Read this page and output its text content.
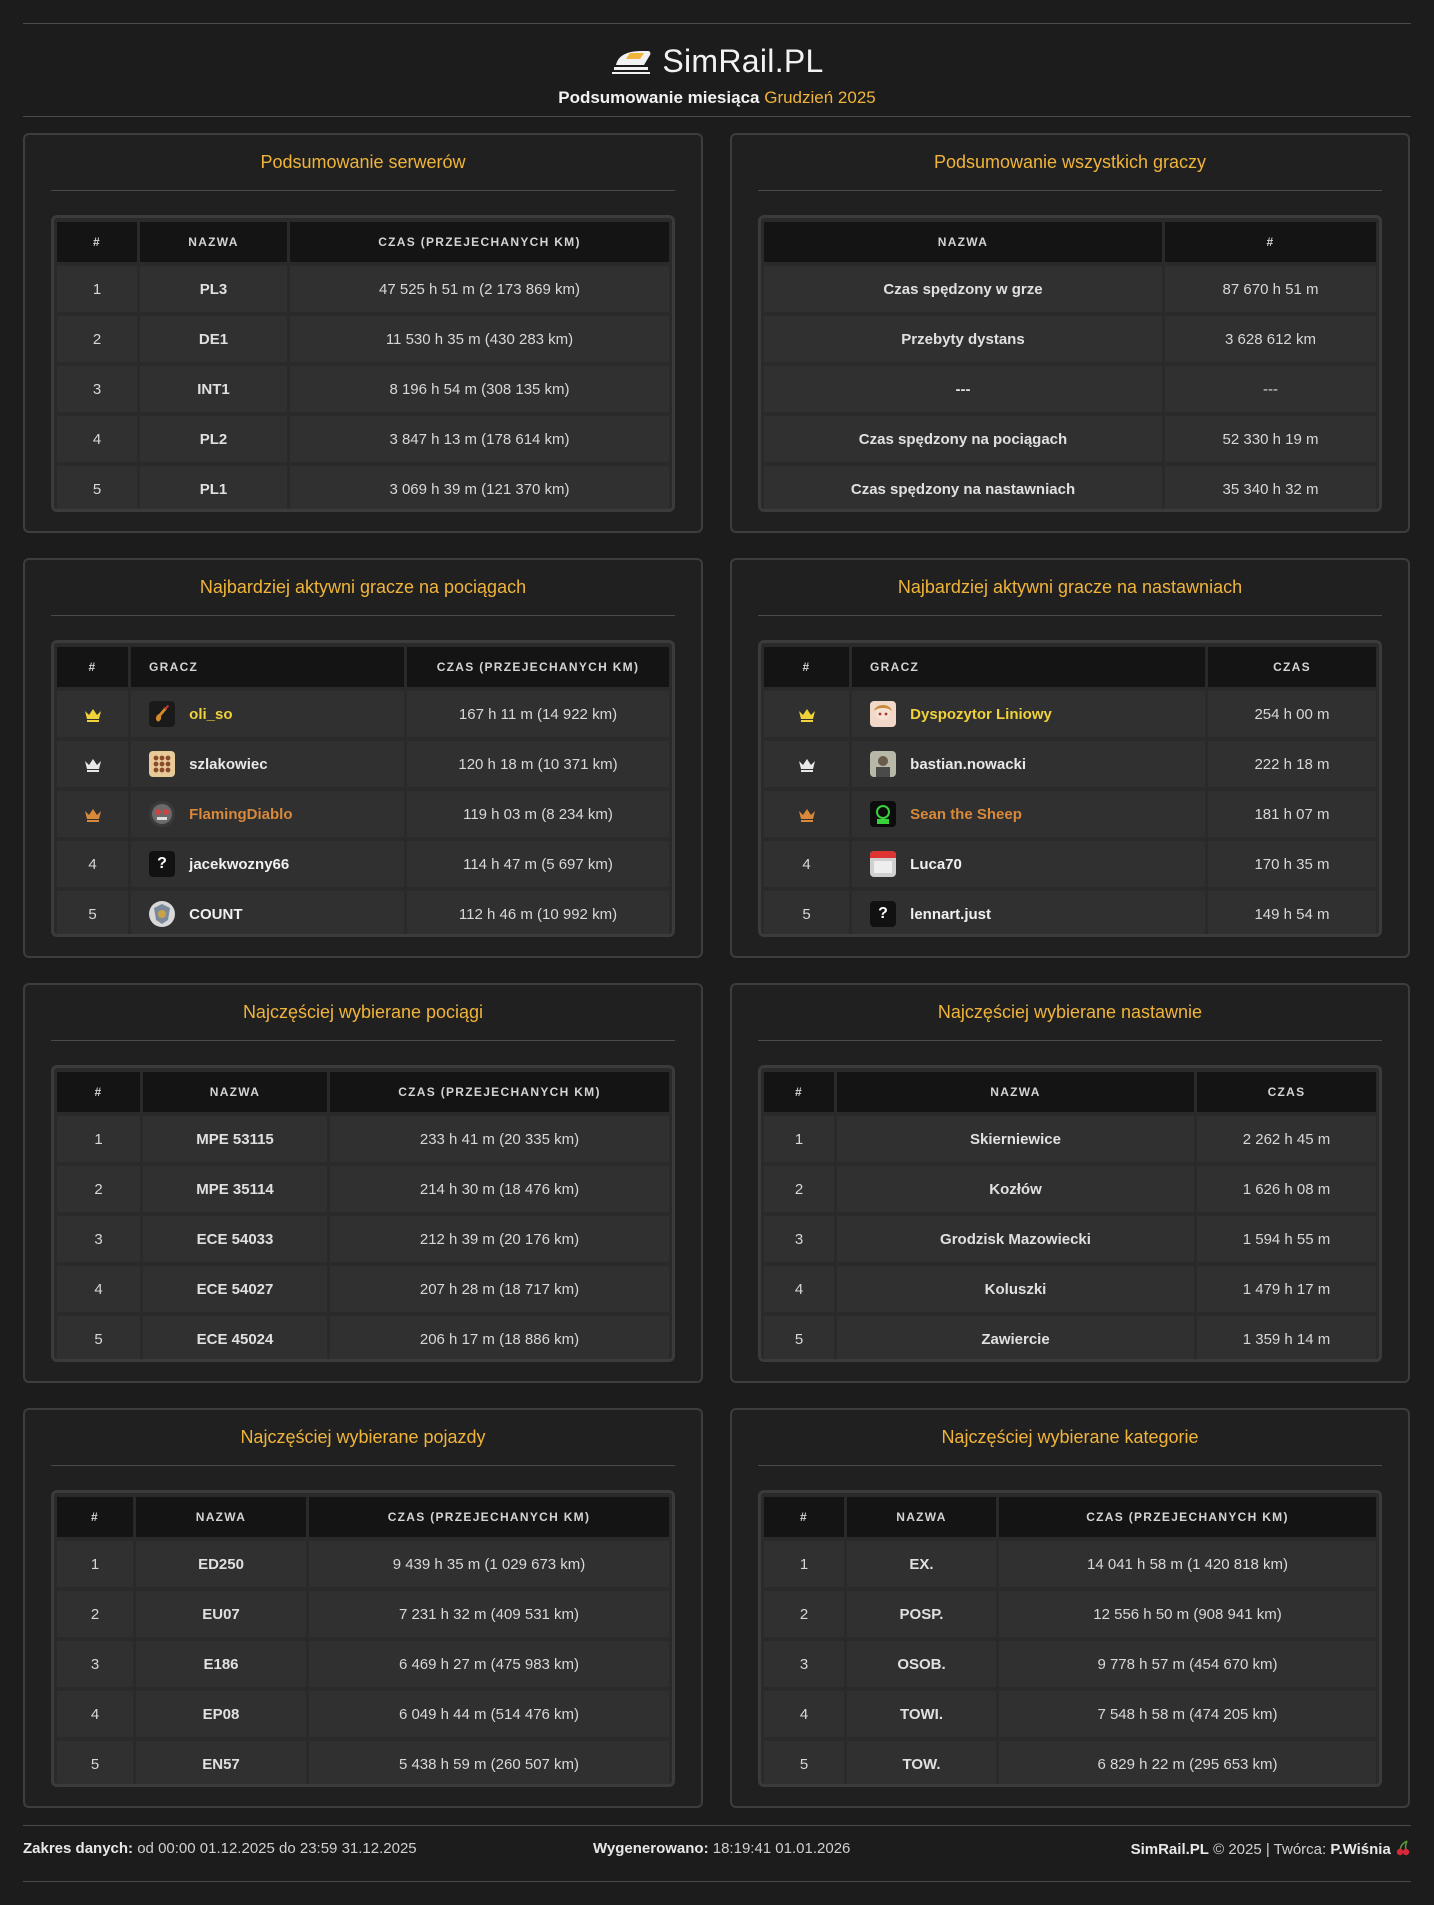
SimRail.PL
Podsumowanie miesiąca Grudzień 2025
Podsumowanie serwerów
#	NAZWA	CZAS (PRZEJECHANYCH KM)
1	PL3	47 525 h 51 m (2 173 869 km)
2	DE1	11 530 h 35 m (430 283 km)
3	INT1	8 196 h 54 m (308 135 km)
4	PL2	3 847 h 13 m (178 614 km)
5	PL1	3 069 h 39 m (121 370 km)
Podsumowanie wszystkich graczy
NAZWA	#
Czas spędzony w grze	87 670 h 51 m
Przebyty dystans	3 628 612 km
---	---
Czas spędzony na pociągach	52 330 h 19 m
Czas spędzony na nastawniach	35 340 h 32 m
Najbardziej aktywni gracze na pociągach
#	GRACZ	CZAS (PRZEJECHANYCH KM)
	oli_so	167 h 11 m (14 922 km)
	szlakowiec	120 h 18 m (10 371 km)
	FlamingDiablo	119 h 03 m (8 234 km)
4	? jacekwozny66	114 h 47 m (5 697 km)
5	COUNT	112 h 46 m (10 992 km)
Najbardziej aktywni gracze na nastawniach
#	GRACZ	CZAS
	Dyspozytor Liniowy	254 h 00 m
	bastian.nowacki	222 h 18 m
	Sean the Sheep	181 h 07 m
4	Luca70	170 h 35 m
5	? lennart.just	149 h 54 m
Najczęściej wybierane pociągi
#	NAZWA	CZAS (PRZEJECHANYCH KM)
1	MPE 53115	233 h 41 m (20 335 km)
2	MPE 35114	214 h 30 m (18 476 km)
3	ECE 54033	212 h 39 m (20 176 km)
4	ECE 54027	207 h 28 m (18 717 km)
5	ECE 45024	206 h 17 m (18 886 km)
Najczęściej wybierane nastawnie
#	NAZWA	CZAS
1	Skierniewice	2 262 h 45 m
2	Kozłów	1 626 h 08 m
3	Grodzisk Mazowiecki	1 594 h 55 m
4	Koluszki	1 479 h 17 m
5	Zawiercie	1 359 h 14 m
Najczęściej wybierane pojazdy
#	NAZWA	CZAS (PRZEJECHANYCH KM)
1	ED250	9 439 h 35 m (1 029 673 km)
2	EU07	7 231 h 32 m (409 531 km)
3	E186	6 469 h 27 m (475 983 km)
4	EP08	6 049 h 44 m (514 476 km)
5	EN57	5 438 h 59 m (260 507 km)
Najczęściej wybierane kategorie
#	NAZWA	CZAS (PRZEJECHANYCH KM)
1	EX.	14 041 h 58 m (1 420 818 km)
2	POSP.	12 556 h 50 m (908 941 km)
3	OSOB.	9 778 h 57 m (454 670 km)
4	TOWI.	7 548 h 58 m (474 205 km)
5	TOW.	6 829 h 22 m (295 653 km)
Zakres danych: od 00:00 01.12.2025 do 23:59 31.12.2025	Wygenerowano: 18:19:41 01.01.2026	SimRail.PL © 2025 | Twórca: P.Wiśnia
